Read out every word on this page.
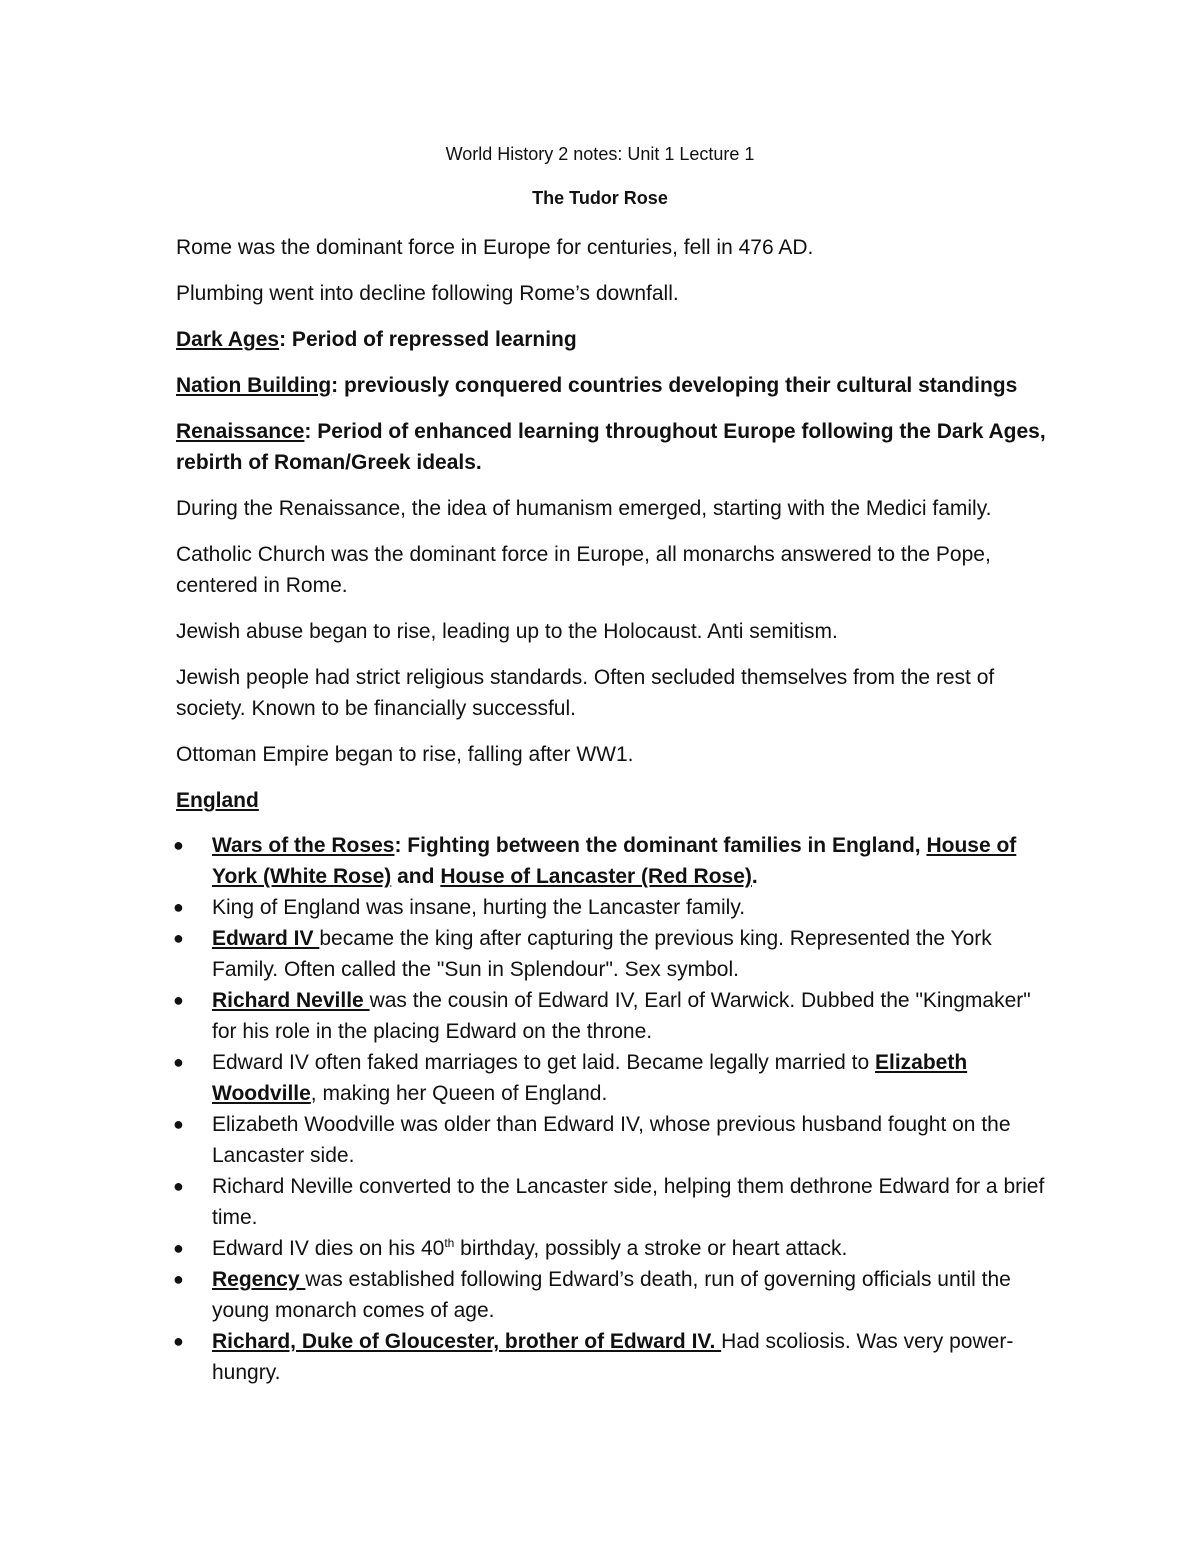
World History 2 notes: Unit 1 Lecture 1
The Tudor Rose

Rome was the dominant force in Europe for centuries, fell in 476 AD.

Plumbing went into decline following Rome’s downfall.

Dark Ages: Period of repressed learning

Nation Building: previously conquered countries developing their cultural standings

Renaissance: Period of enhanced learning throughout Europe following the Dark Ages, rebirth of Roman/Greek ideals.

During the Renaissance, the idea of humanism emerged, starting with the Medici family.

Catholic Church was the dominant force in Europe, all monarchs answered to the Pope, centered in Rome.

Jewish abuse began to rise, leading up to the Holocaust. Anti semitism.

Jewish people had strict religious standards. Often secluded themselves from the rest of society. Known to be financially successful.

Ottoman Empire began to rise, falling after WW1.

England

● Wars of the Roses: Fighting between the dominant families in England, House of York (White Rose) and House of Lancaster (Red Rose).
● King of England was insane, hurting the Lancaster family.
● Edward IV became the king after capturing the previous king. Represented the York Family. Often called the "Sun in Splendour". Sex symbol.
● Richard Neville was the cousin of Edward IV, Earl of Warwick. Dubbed the "Kingmaker" for his role in the placing Edward on the throne.
● Edward IV often faked marriages to get laid. Became legally married to Elizabeth Woodville, making her Queen of England.
● Elizabeth Woodville was older than Edward IV, whose previous husband fought on the Lancaster side.
● Richard Neville converted to the Lancaster side, helping them dethrone Edward for a brief time.
● Edward IV dies on his 40th birthday, possibly a stroke or heart attack.
● Regency was established following Edward’s death, run of governing officials until the young monarch comes of age.
● Richard, Duke of Gloucester, brother of Edward IV. Had scoliosis. Was very power-hungry.
